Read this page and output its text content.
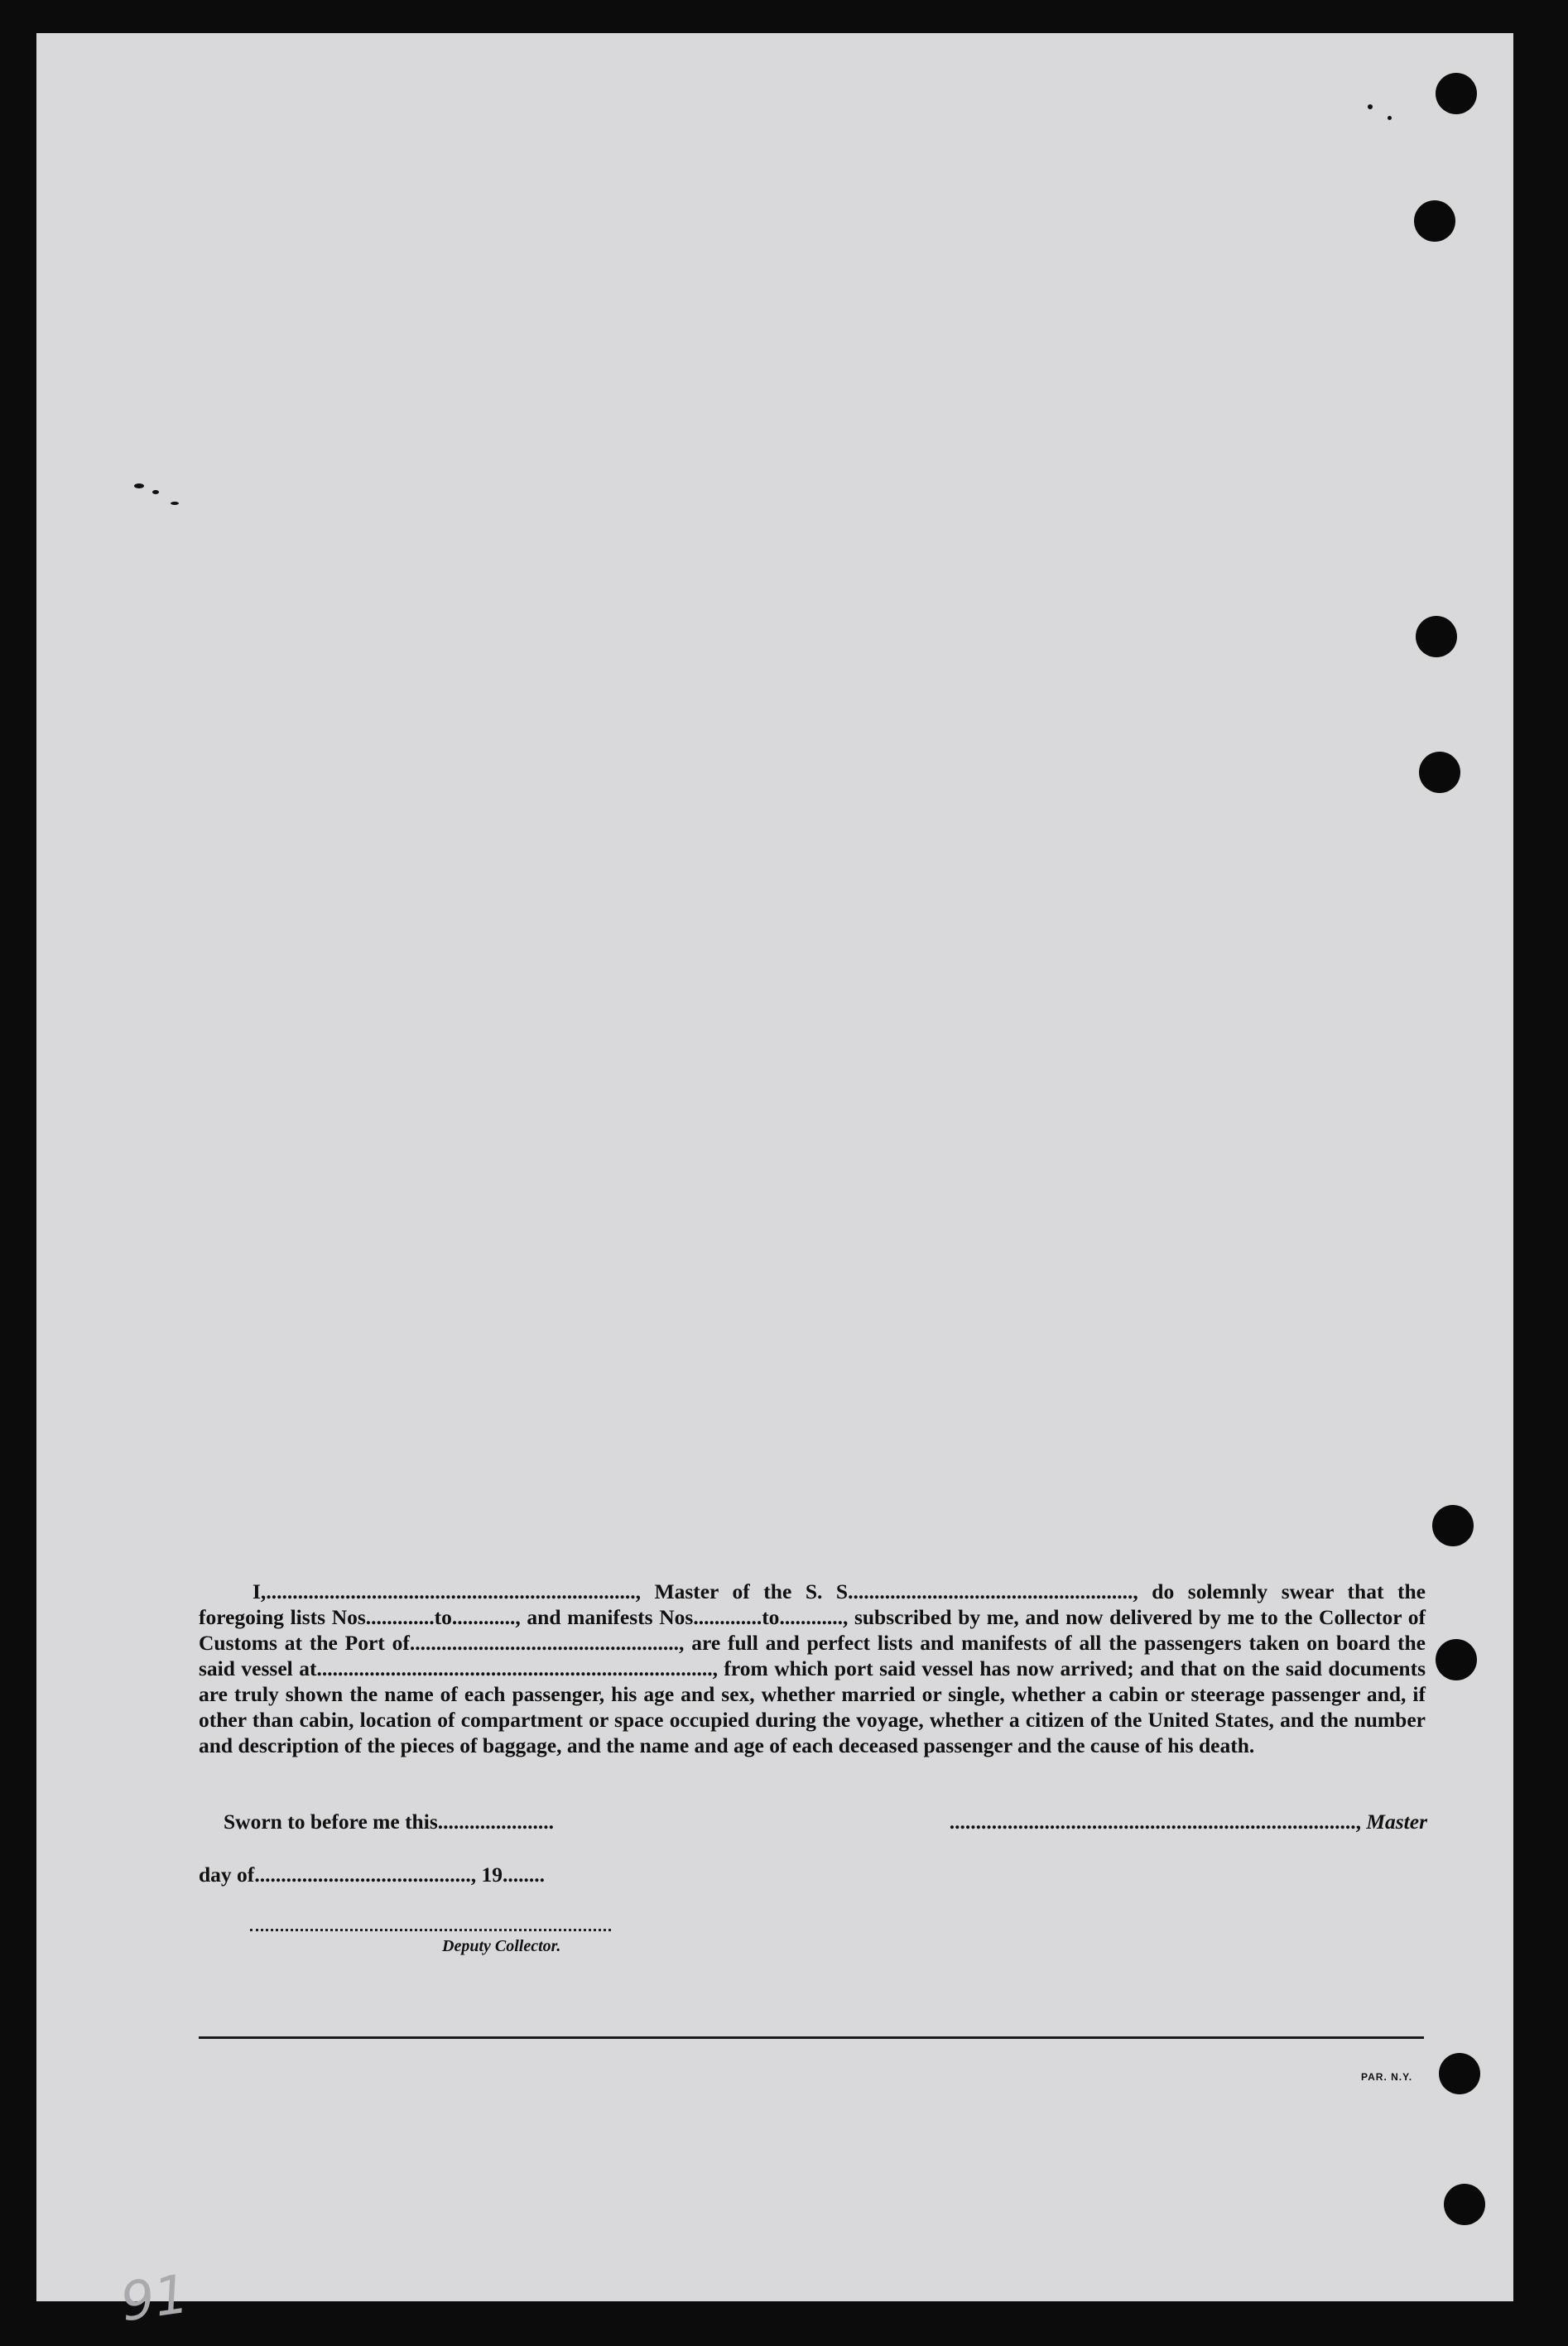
I,......................................................................, Master of the S. S......................................................, do solemnly swear that the foregoing lists Nos.............to............, and manifests Nos.............to............, subscribed by me, and now delivered by me to the Collector of Customs at the Port of..................................................., are full and perfect lists and manifests of all the passengers taken on board the said vessel at..........................................................................., from which port said vessel has now arrived; and that on the said documents are truly shown the name of each passenger, his age and sex, whether married or single, whether a cabin or steerage passenger and, if other than cabin, location of compartment or space occupied during the voyage, whether a citizen of the United States, and the number and description of the pieces of baggage, and the name and age of each deceased passenger and the cause of his death.

Sworn to before me this......................	............................................................................., Master
day of........................................., 19........
Deputy Collector.
PAR. N.Y.
91
